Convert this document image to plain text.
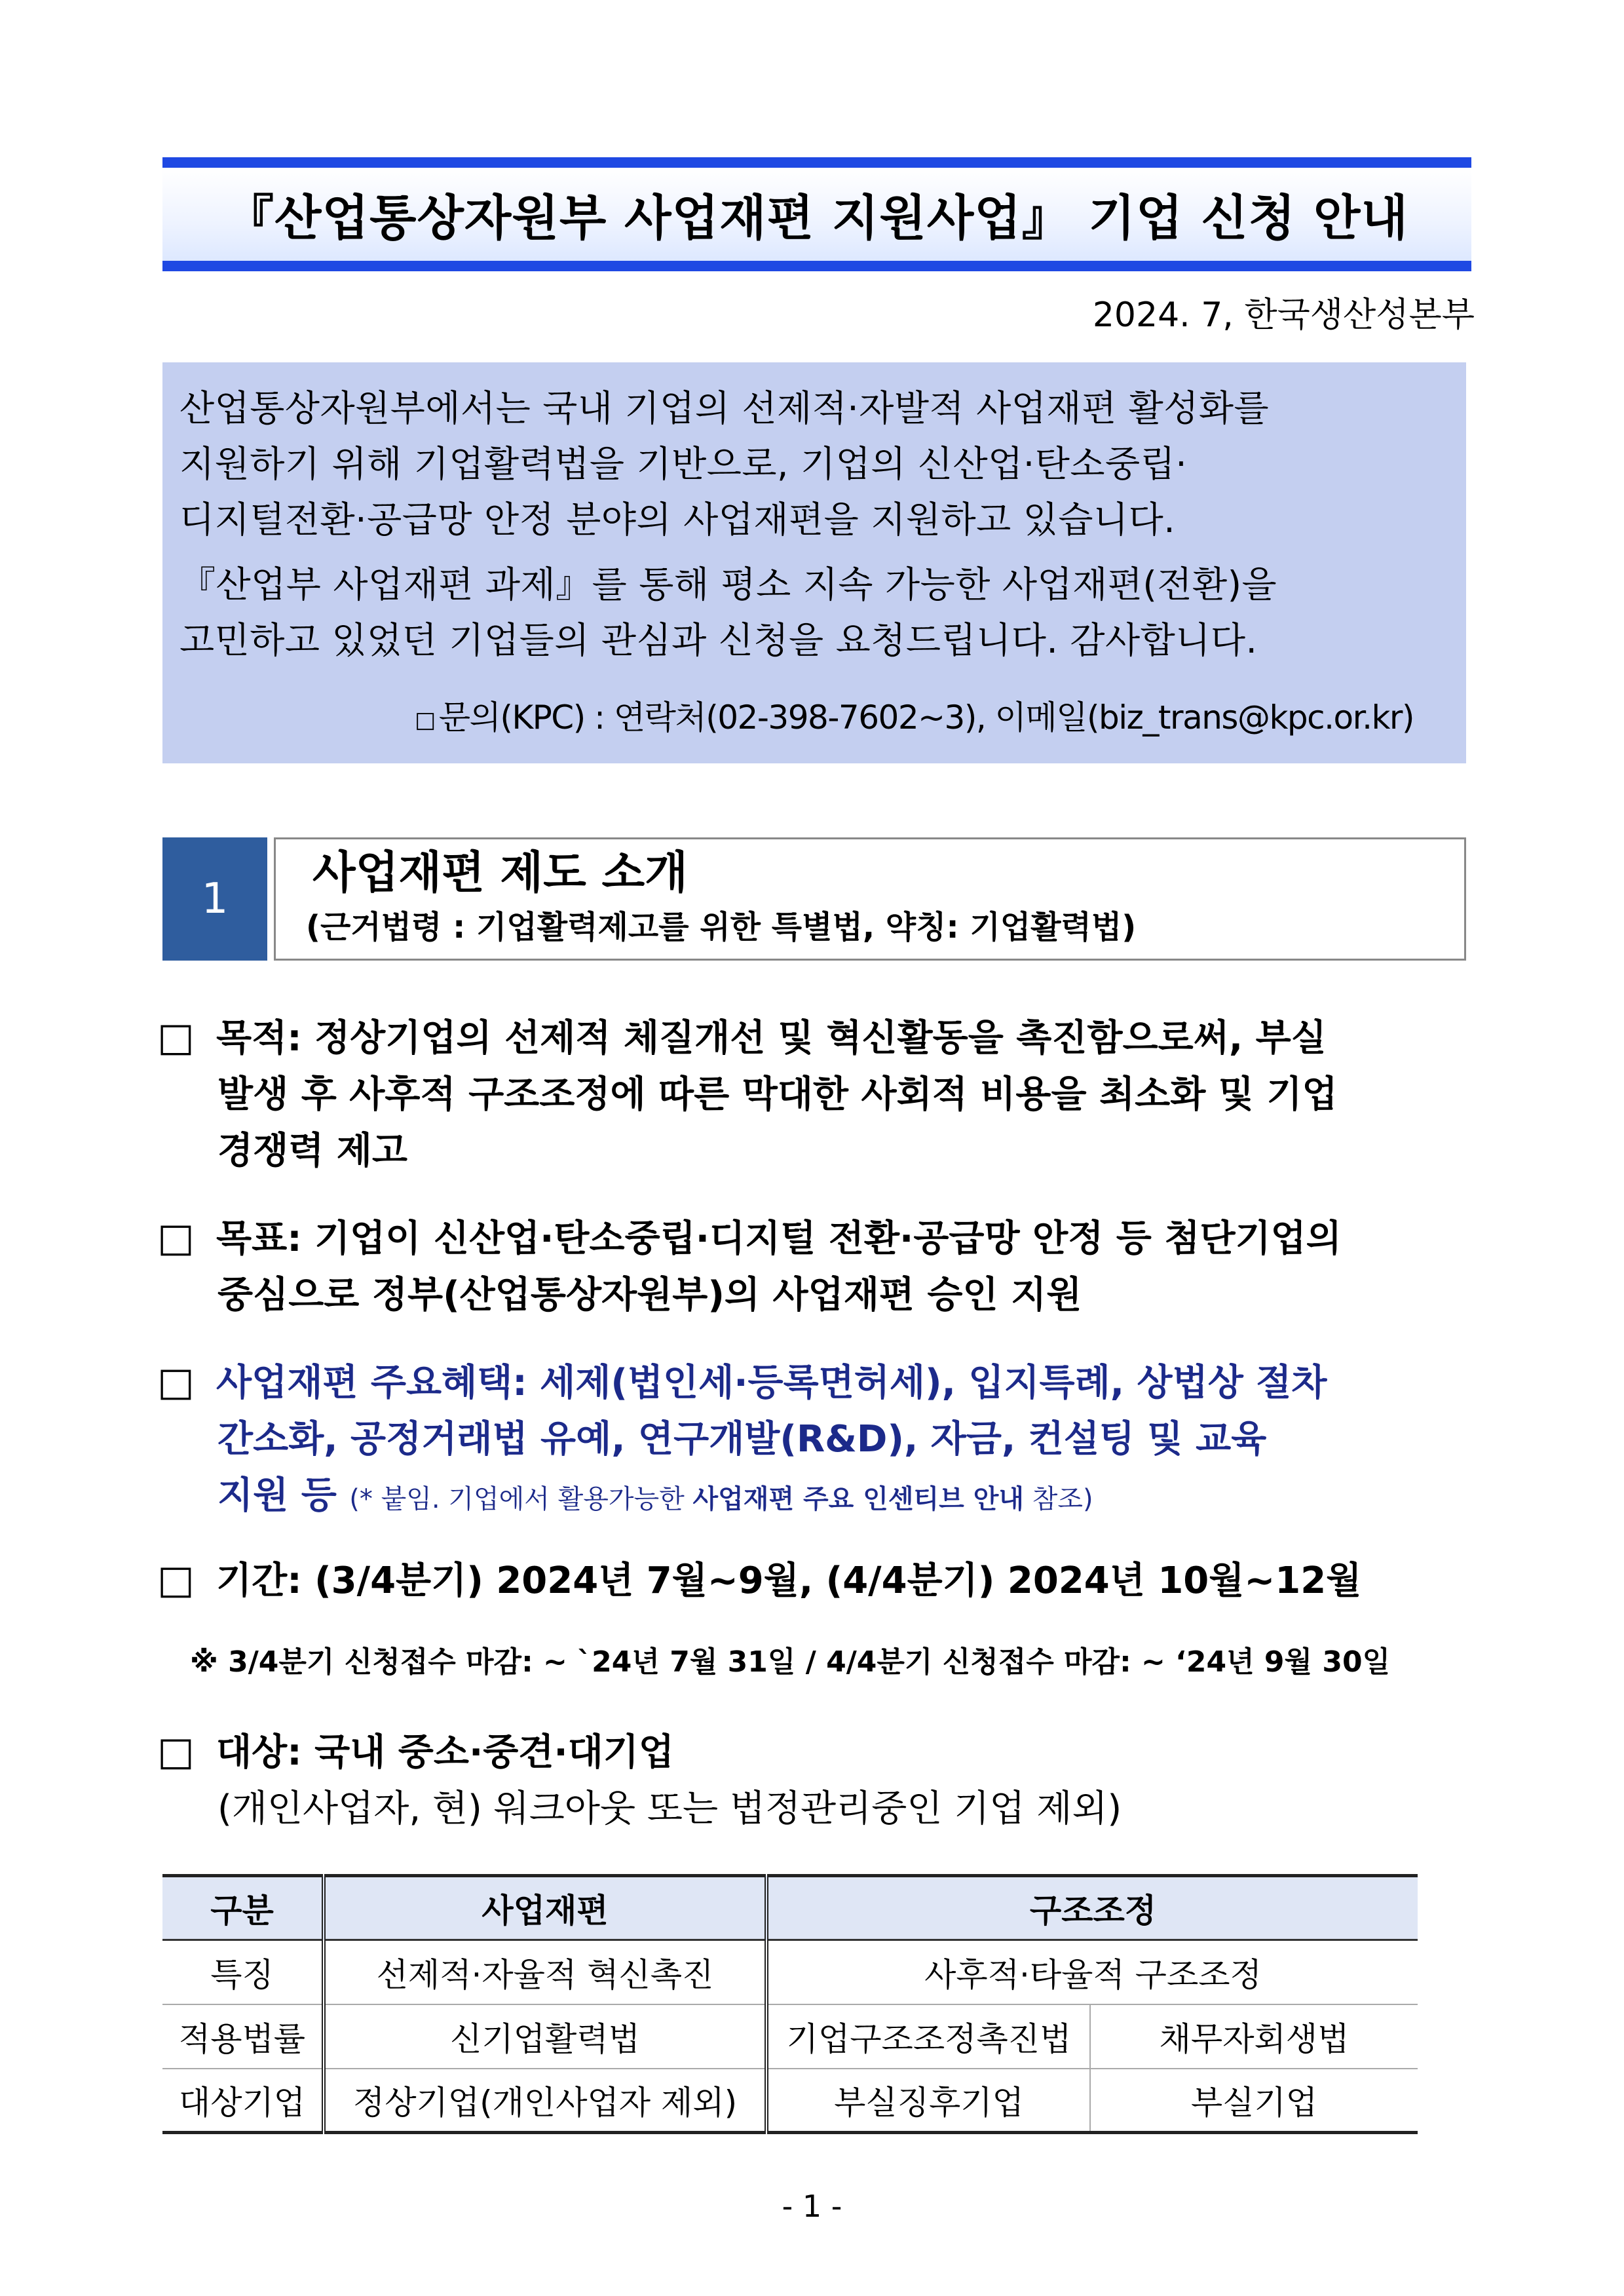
『산업통상자원부 사업재편 지원사업』 기업 신청 안내
2024. 7, 한국생산성본부
산업통상자원부에서는 국내 기업의 선제적·자발적 사업재편 활성화를
지원하기 위해 기업활력법을 기반으로, 기업의 신산업·탄소중립·
디지털전환·공급망 안정 분야의 사업재편을 지원하고 있습니다.
『산업부 사업재편 과제』를 통해 평소 지속 가능한 사업재편(전환)을
고민하고 있었던 기업들의 관심과 신청을 요청드립니다. 감사합니다.
□ 문의(KPC) : 연락처(02-398-7602~3), 이메일(biz_trans@kpc.or.kr)
1	사업재편 제도 소개
(근거법령 : 기업활력제고를 위한 특별법, 약칭: 기업활력법)
□ 목적: 정상기업의 선제적 체질개선 및 혁신활동을 촉진함으로써, 부실
발생 후 사후적 구조조정에 따른 막대한 사회적 비용을 최소화 및 기업
경쟁력 제고
□ 목표: 기업이 신산업·탄소중립·디지털 전환·공급망 안정 등 첨단기업의
중심으로 정부(산업통상자원부)의 사업재편 승인 지원
□ 사업재편 주요혜택: 세제(법인세·등록면허세), 입지특례, 상법상 절차
간소화, 공정거래법 유예, 연구개발(R&D), 자금, 컨설팅 및 교육
지원 등 (* 붙임. 기업에서 활용가능한 사업재편 주요 인센티브 안내 참조)
□ 기간: (3/4분기) 2024년 7월~9월, (4/4분기) 2024년 10월~12월
※ 3/4분기 신청접수 마감: ~ `24년 7월 31일 / 4/4분기 신청접수 마감: ~ ‘24년 9월 30일
□ 대상: 국내 중소·중견·대기업
(개인사업자, 현) 워크아웃 또는 법정관리중인 기업 제외)
구분	사업재편	구조조정	
특징	선제적·자율적 혁신촉진	사후적·타율적 구조조정	
적용법률	신기업활력법	기업구조조정촉진법	채무자회생법
대상기업	정상기업(개인사업자 제외)	부실징후기업	부실기업
- 1 -
